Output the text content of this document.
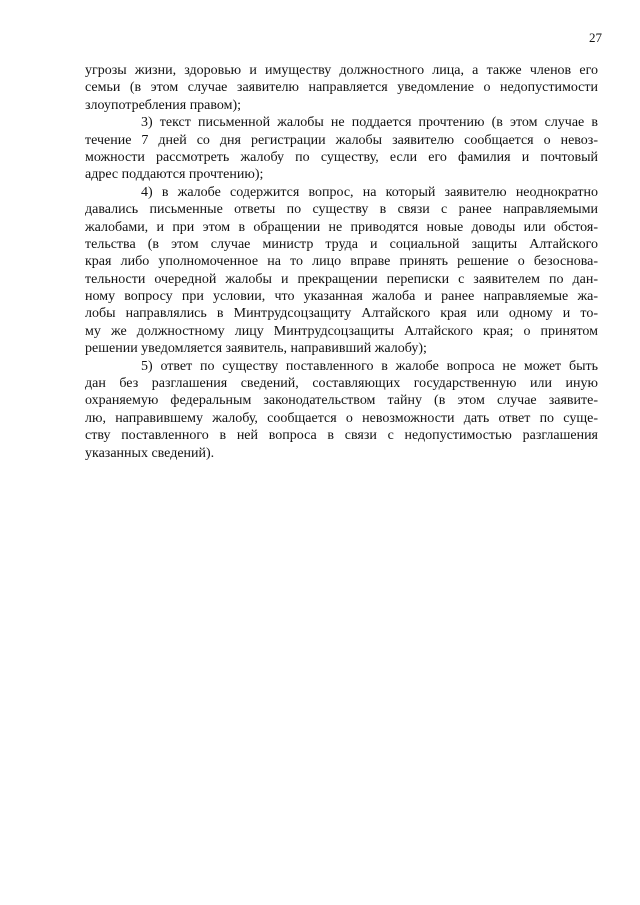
27
угрозы жизни, здоровью и имуществу должностного лица, а также членов его
семьи (в этом случае заявителю направляется уведомление о недопустимости
злоупотребления правом);
3) текст письменной жалобы не поддается прочтению (в этом случае в
течение 7 дней со дня регистрации жалобы заявителю сообщается о невоз-
можности рассмотреть жалобу по существу, если его фамилия и почтовый
адрес поддаются прочтению);
4) в жалобе содержится вопрос, на который заявителю неоднократно
давались письменные ответы по существу в связи с ранее направляемыми
жалобами, и при этом в обращении не приводятся новые доводы или обстоя-
тельства (в этом случае министр труда и социальной защиты Алтайского
края либо уполномоченное на то лицо вправе принять решение о безоснова-
тельности очередной жалобы и прекращении переписки с заявителем по дан-
ному вопросу при условии, что указанная жалоба и ранее направляемые жа-
лобы направлялись в Минтрудсоцзащиту Алтайского края или одному и то-
му же должностному лицу Минтрудсоцзащиты Алтайского края; о принятом
решении уведомляется заявитель, направивший жалобу);
5) ответ по существу поставленного в жалобе вопроса не может быть
дан без разглашения сведений, составляющих государственную или иную
охраняемую федеральным законодательством тайну (в этом случае заявите-
лю, направившему жалобу, сообщается о невозможности дать ответ по суще-
ству поставленного в ней вопроса в связи с недопустимостью разглашения
указанных сведений).
